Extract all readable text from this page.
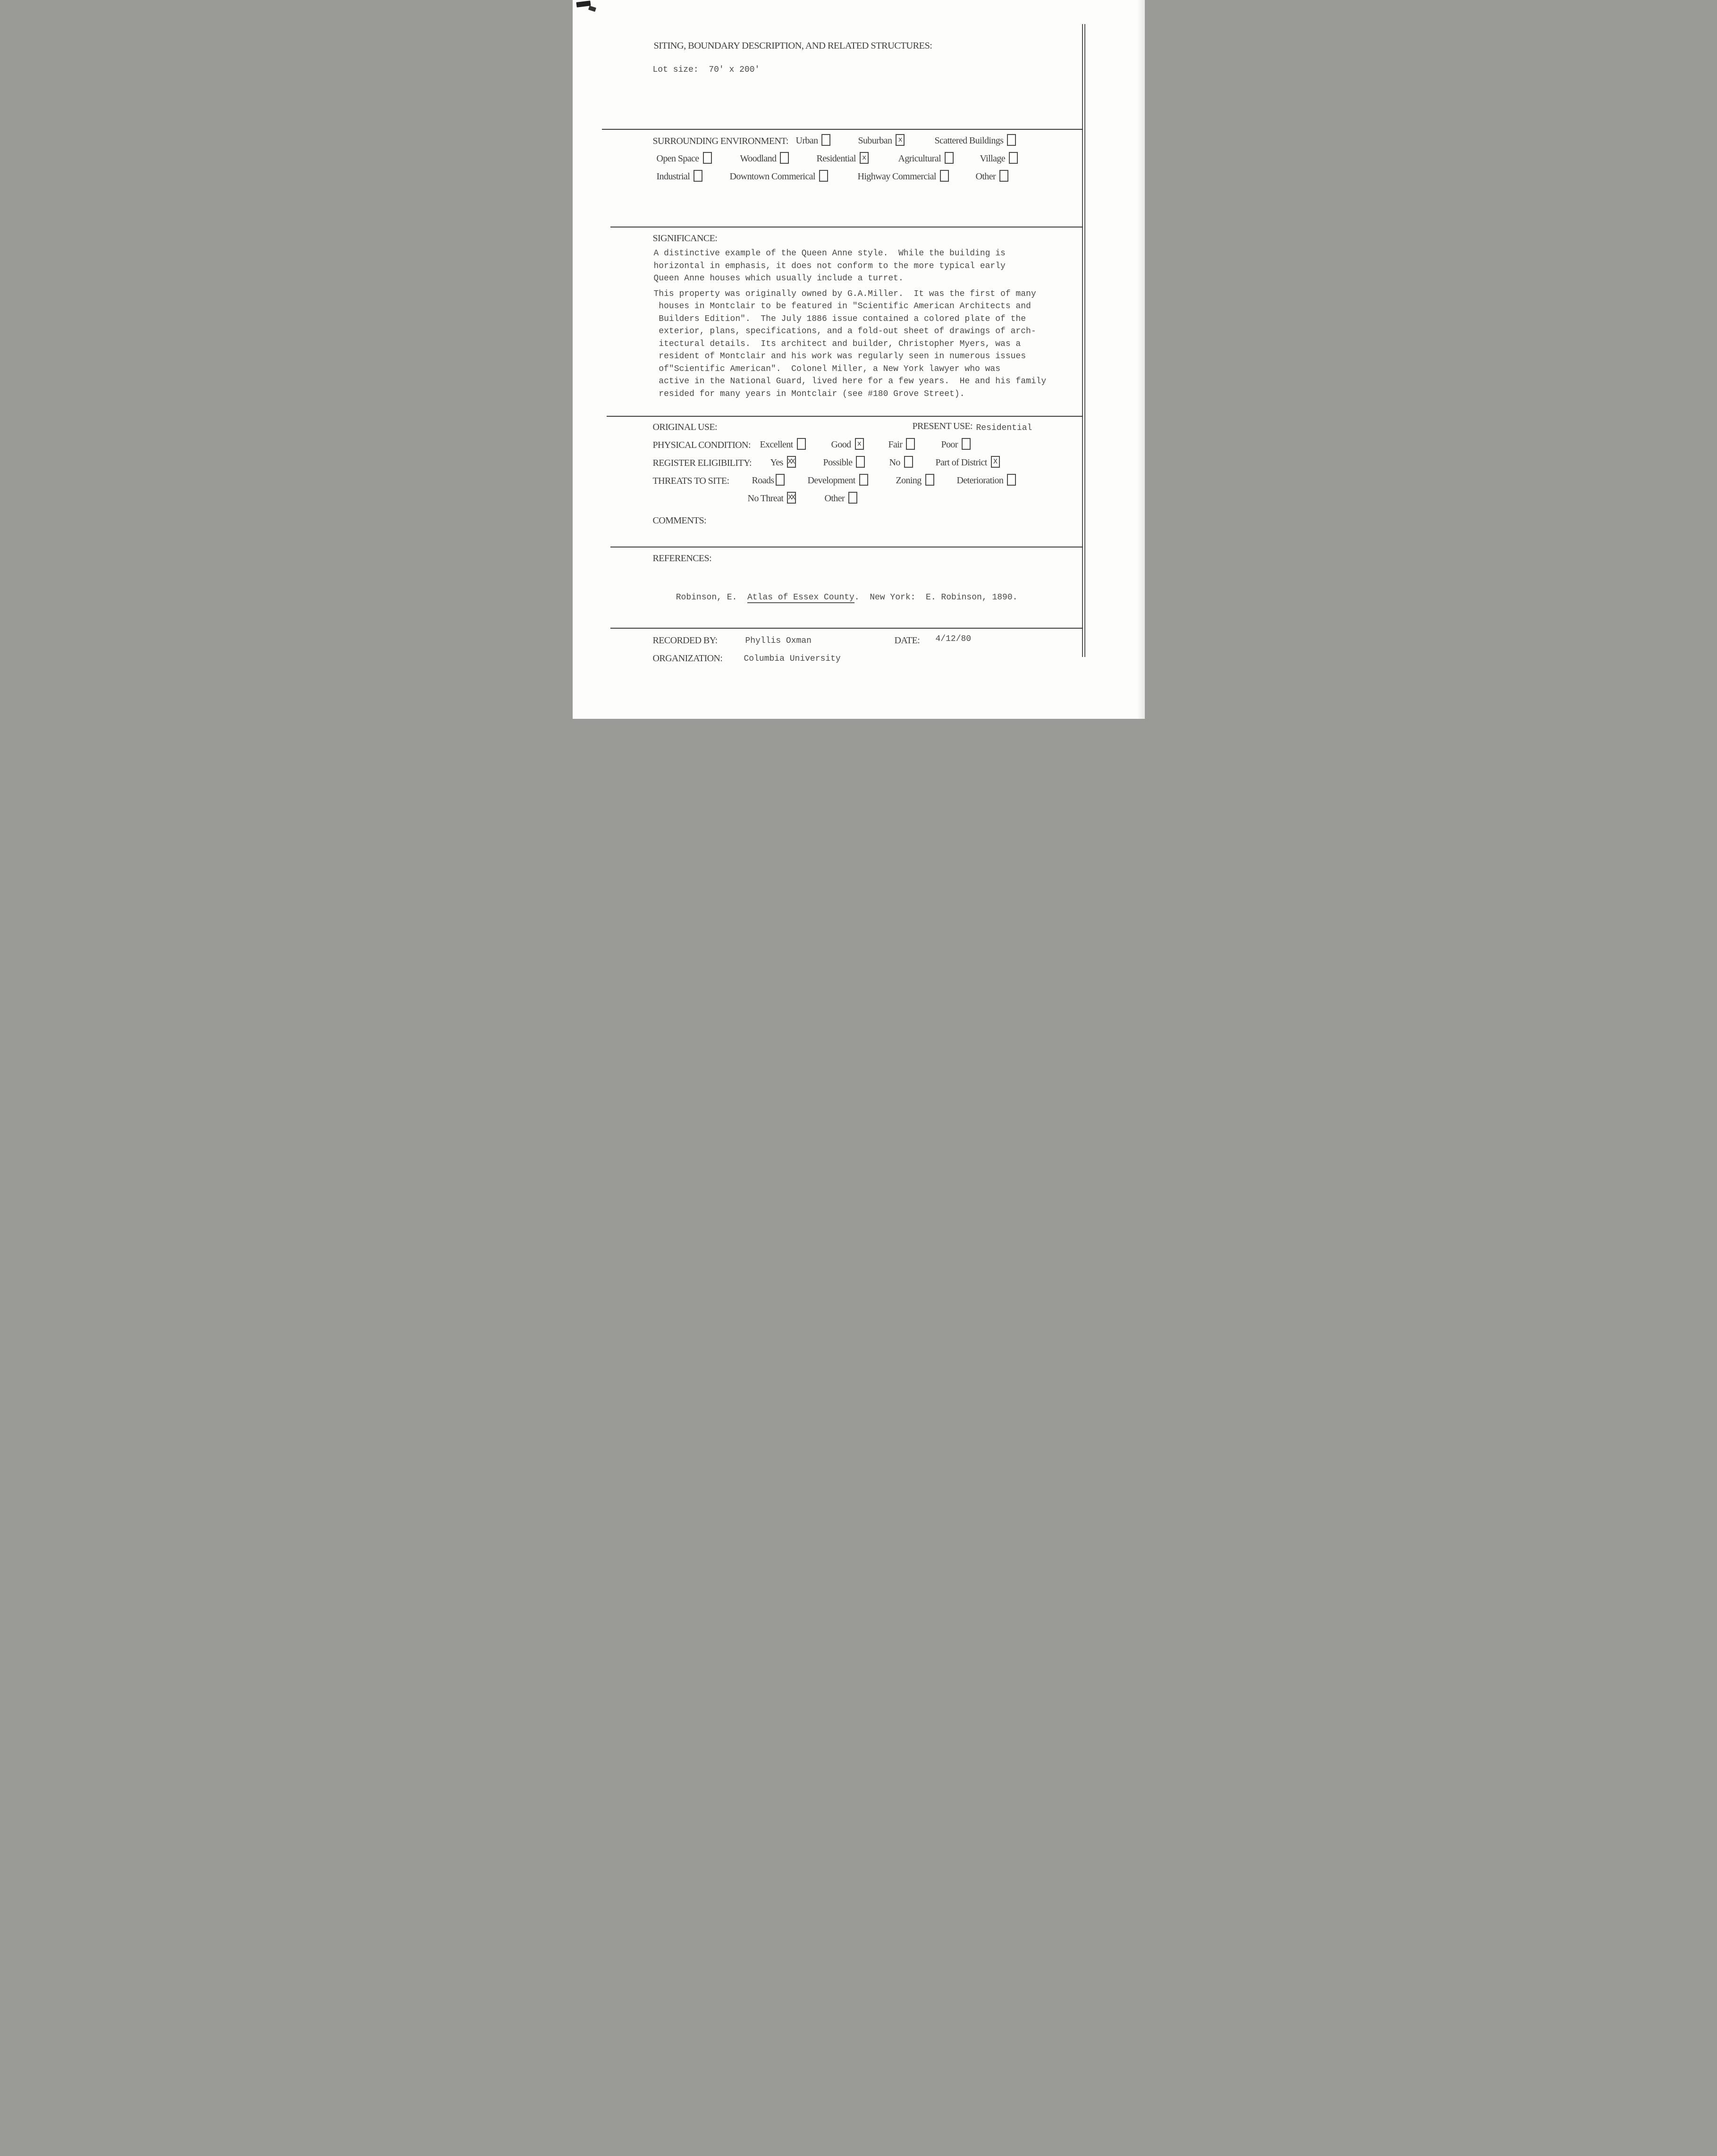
SITING, BOUNDARY DESCRIPTION, AND RELATED STRUCTURES:
Lot size:  70' x 200'
SURROUNDING ENVIRONMENT: Urban	Suburban x	Scattered Buildings
Open Space	Woodland	Residential x	Agricultural	Village
Industrial	Downtown Commerical	Highway Commercial	Other
SIGNIFICANCE:
A distinctive example of the Queen Anne style.  While the building is
horizontal in emphasis, it does not conform to the more typical early
Queen Anne houses which usually include a turret.
This property was originally owned by G.A.Miller.  It was the first of many
houses in Montclair to be featured in "Scientific American Architects and
Builders Edition".  The July 1886 issue contained a colored plate of the
exterior, plans, specifications, and a fold-out sheet of drawings of arch-
itectural details.  Its architect and builder, Christopher Myers, was a
resident of Montclair and his work was regularly seen in numerous issues
of"Scientific American".  Colonel Miller, a New York lawyer who was
active in the National Guard, lived here for a few years.  He and his family
resided for many years in Montclair (see #180 Grove Street).
ORIGINAL USE:	PRESENT USE: Residential
PHYSICAL CONDITION: Excellent	Good x	Fair	Poor
REGISTER ELIGIBILITY: Yes XX	Possible	No	Part of District X
THREATS TO SITE: Roads	Development	Zoning	Deterioration
No Threat XX	Other
COMMENTS:
REFERENCES:

Robinson, E.  Atlas of Essex County.  New York:  E. Robinson, 1890.

RECORDED BY:	Phyllis Oxman	DATE: 4/12/80
ORGANIZATION:	Columbia University
